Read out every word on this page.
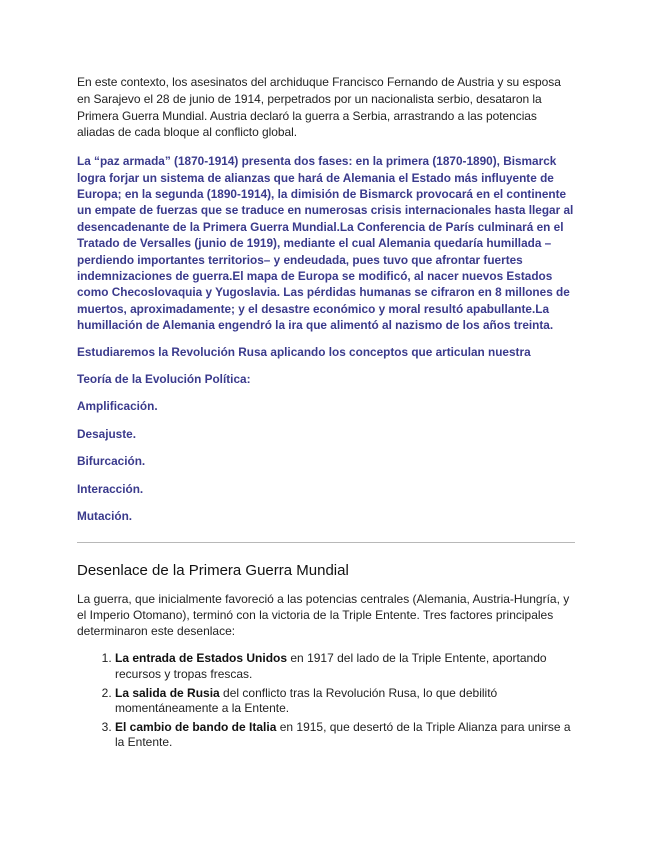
En este contexto, los asesinatos del archiduque Francisco Fernando de Austria y su esposa en Sarajevo el 28 de junio de 1914, perpetrados por un nacionalista serbio, desataron la Primera Guerra Mundial. Austria declaró la guerra a Serbia, arrastrando a las potencias aliadas de cada bloque al conflicto global.

La “paz armada” (1870-1914) presenta dos fases: en la primera (1870-1890), Bismarck logra forjar un sistema de alianzas que hará de Alemania el Estado más influyente de Europa; en la segunda (1890-1914), la dimisión de Bismarck provocará en el continente un empate de fuerzas que se traduce en numerosas crisis internacionales hasta llegar al desencadenante de la Primera Guerra Mundial.La Conferencia de París culminará en el Tratado de Versalles (junio de 1919), mediante el cual Alemania quedaría humillada –perdiendo importantes territorios– y endeudada, pues tuvo que afrontar fuertes indemnizaciones de guerra.El mapa de Europa se modificó, al nacer nuevos Estados como Checoslovaquia y Yugoslavia. Las pérdidas humanas se cifraron en 8 millones de muertos, aproximadamente; y el desastre económico y moral resultó apabullante.La humillación de Alemania engendró la ira que alimentó al nazismo de los años treinta.

Estudiaremos la Revolución Rusa aplicando los conceptos que articulan nuestra

Teoría de la Evolución Política:

Amplificación.

Desajuste.

Bifurcación.

Interacción.

Mutación.

Desenlace de la Primera Guerra Mundial

La guerra, que inicialmente favoreció a las potencias centrales (Alemania, Austria-Hungría, y el Imperio Otomano), terminó con la victoria de la Triple Entente. Tres factores principales determinaron este desenlace:

1. La entrada de Estados Unidos en 1917 del lado de la Triple Entente, aportando recursos y tropas frescas.
2. La salida de Rusia del conflicto tras la Revolución Rusa, lo que debilitó momentáneamente a la Entente.
3. El cambio de bando de Italia en 1915, que desertó de la Triple Alianza para unirse a la Entente.
